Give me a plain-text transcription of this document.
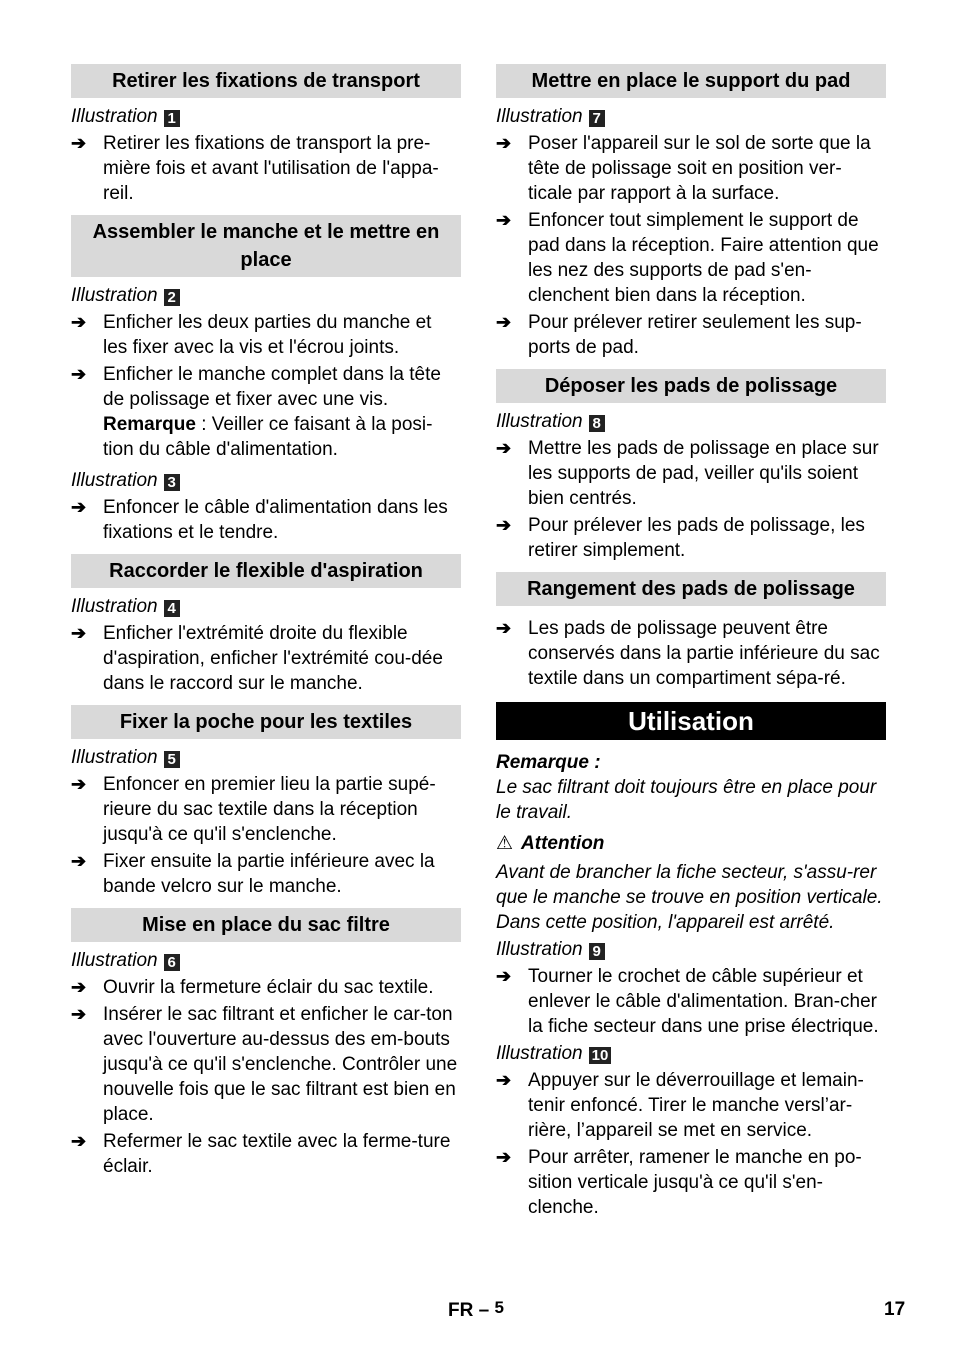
Retirer les fixations de transport
Illustration 1
➔ Retirer les fixations de transport la pre-mière fois et avant l'utilisation de l'appa-reil.
Assembler le manche et le mettre en place
Illustration 2
➔ Enficher les deux parties du manche et les fixer avec la vis et l'écrou joints.
➔ Enficher le manche complet dans la tête de polissage et fixer avec une vis.
Remarque : Veiller ce faisant à la posi-tion du câble d'alimentation.
Illustration 3
➔ Enfoncer le câble d'alimentation dans les fixations et le tendre.
Raccorder le flexible d'aspiration
Illustration 4
➔ Enficher l'extrémité droite du flexible d'aspiration, enficher l'extrémité cou-dée dans le raccord sur le manche.
Fixer la poche pour les textiles
Illustration 5
➔ Enfoncer en premier lieu la partie supé-rieure du sac textile dans la réception jusqu'à ce qu'il s'enclenche.
➔ Fixer ensuite la partie inférieure avec la bande velcro sur le manche.
Mise en place du sac filtre
Illustration 6
➔ Ouvrir la fermeture éclair du sac textile.
➔ Insérer le sac filtrant et enficher le car-ton avec l'ouverture au-dessus des em-bouts jusqu'à ce qu'il s'enclenche. Contrôler une nouvelle fois que le sac filtrant est bien en place.
➔ Refermer le sac textile avec la ferme-ture éclair.
Mettre en place le support du pad
Illustration 7
➔ Poser l'appareil sur le sol de sorte que la tête de polissage soit en position ver-ticale par rapport à la surface.
➔ Enfoncer tout simplement le support de pad dans la réception. Faire attention que les nez des supports de pad s'en-clenchent bien dans la réception.
➔ Pour prélever retirer seulement les sup-ports de pad.
Déposer les pads de polissage
Illustration 8
➔ Mettre les pads de polissage en place sur les supports de pad, veiller qu'ils soient bien centrés.
➔ Pour prélever les pads de polissage, les retirer simplement.
Rangement des pads de polissage
➔ Les pads de polissage peuvent être conservés dans la partie inférieure du sac textile dans un compartiment sépa-ré.
Utilisation
Remarque :
Le sac filtrant doit toujours être en place pour le travail.
⚠ Attention
Avant de brancher la fiche secteur, s'assu-rer que le manche se trouve en position verticale. Dans cette position, l'appareil est arrêté.
Illustration 9
➔ Tourner le crochet de câble supérieur et enlever le câble d'alimentation. Bran-cher la fiche secteur dans une prise électrique.
Illustration 10
➔ Appuyer sur le déverrouillage et lemain-tenir enfoncé. Tirer le manche versl’ar-rière, l’appareil se met en service.
➔ Pour arrêter, ramener le manche en po-sition verticale jusqu'à ce qu'il s'en-clenche.
FR – 5	17
